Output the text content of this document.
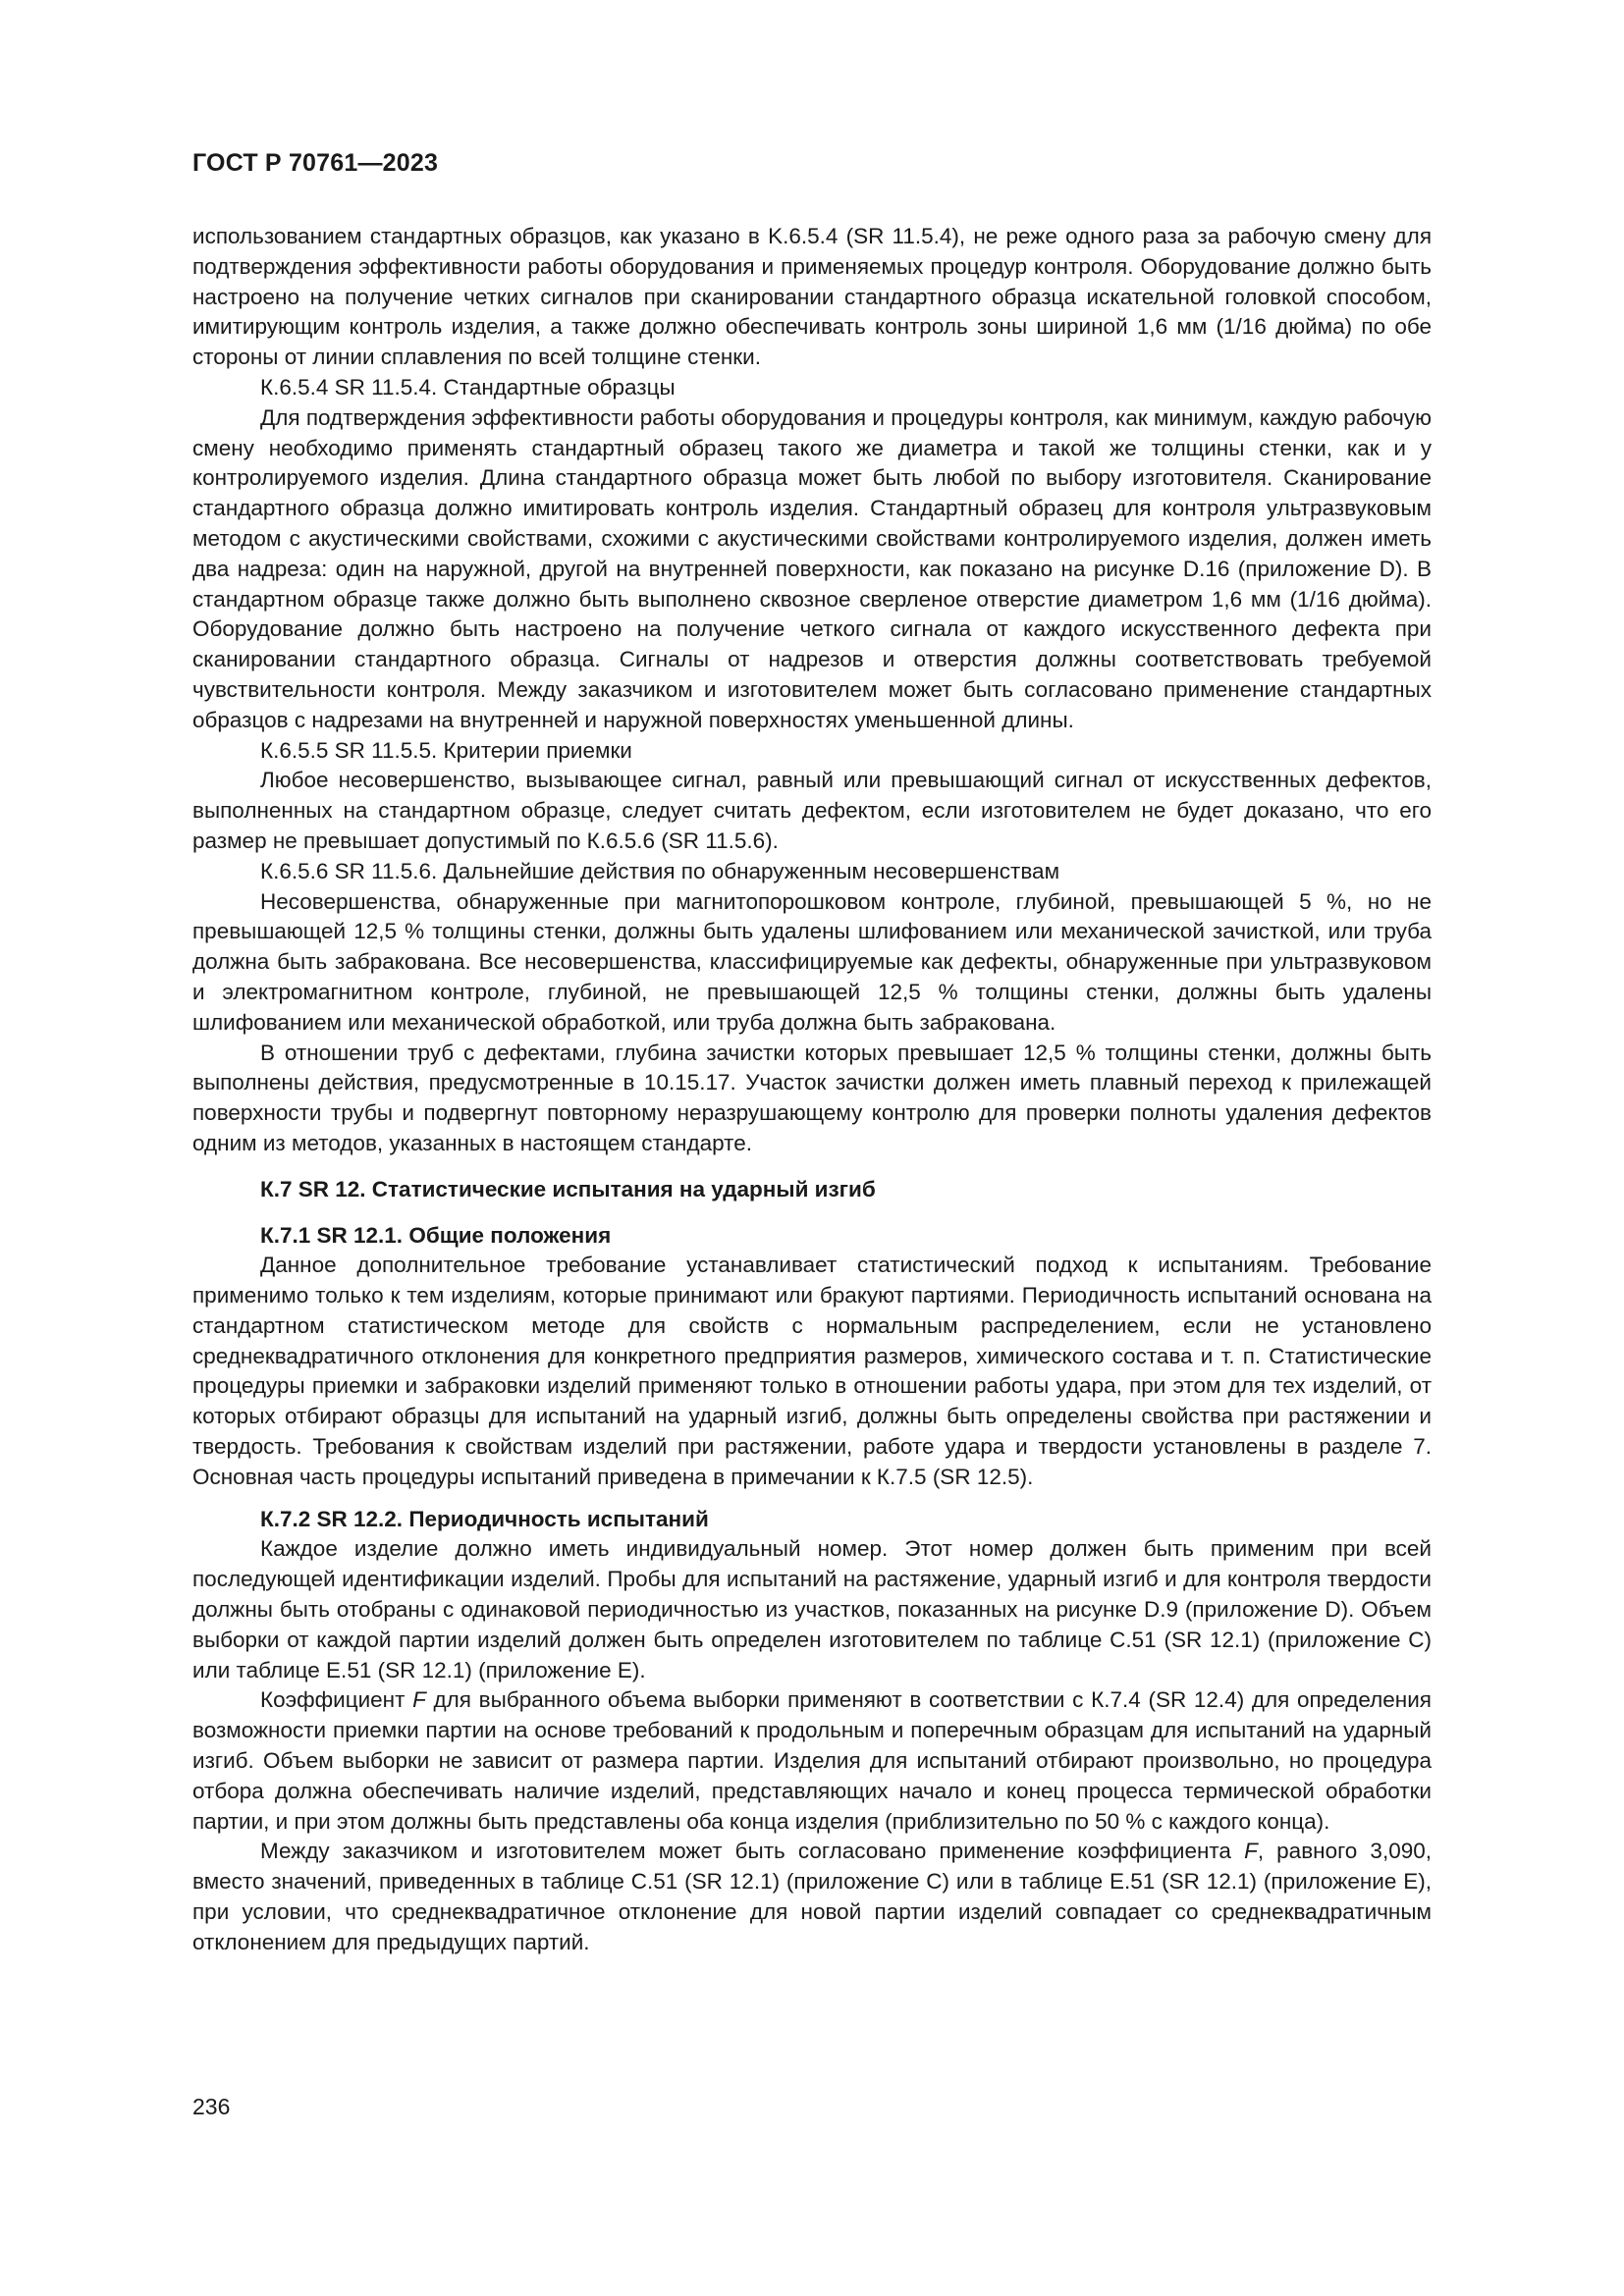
ГОСТ Р 70761—2023

использованием стандартных образцов, как указано в K.6.5.4 (SR 11.5.4), не реже одного раза за рабочую смену для подтверждения эффективности работы оборудования и применяемых процедур контроля. Оборудование должно быть настроено на получение четких сигналов при сканировании стандартного образца искательной головкой способом, имитирующим контроль изделия, а также должно обеспечивать контроль зоны шириной 1,6 мм (1/16 дюйма) по обе стороны от линии сплавления по всей толщине стенки.

К.6.5.4 SR 11.5.4. Стандартные образцы

Для подтверждения эффективности работы оборудования и процедуры контроля, как минимум, каждую рабочую смену необходимо применять стандартный образец такого же диаметра и такой же толщины стенки, как и у контролируемого изделия. Длина стандартного образца может быть любой по выбору изготовителя. Сканирование стандартного образца должно имитировать контроль изделия. Стандартный образец для контроля ультразвуковым методом с акустическими свойствами, схожими с акустическими свойствами контролируемого изделия, должен иметь два надреза: один на наружной, другой на внутренней поверхности, как показано на рисунке D.16 (приложение D). В стандартном образце также должно быть выполнено сквозное сверленое отверстие диаметром 1,6 мм (1/16 дюйма). Оборудование должно быть настроено на получение четкого сигнала от каждого искусственного дефекта при сканировании стандартного образца. Сигналы от надрезов и отверстия должны соответствовать требуемой чувствительности контроля. Между заказчиком и изготовителем может быть согласовано применение стандартных образцов с надрезами на внутренней и наружной поверхностях уменьшенной длины.

К.6.5.5 SR 11.5.5. Критерии приемки

Любое несовершенство, вызывающее сигнал, равный или превышающий сигнал от искусственных дефектов, выполненных на стандартном образце, следует считать дефектом, если изготовителем не будет доказано, что его размер не превышает допустимый по К.6.5.6 (SR 11.5.6).

К.6.5.6 SR 11.5.6. Дальнейшие действия по обнаруженным несовершенствам

Несовершенства, обнаруженные при магнитопорошковом контроле, глубиной, превышающей 5 %, но не превышающей 12,5 % толщины стенки, должны быть удалены шлифованием или механической зачисткой, или труба должна быть забракована. Все несовершенства, классифицируемые как дефекты, обнаруженные при ультразвуковом и электромагнитном контроле, глубиной, не превышающей 12,5 % толщины стенки, должны быть удалены шлифованием или механической обработкой, или труба должна быть забракована.

В отношении труб с дефектами, глубина зачистки которых превышает 12,5 % толщины стенки, должны быть выполнены действия, предусмотренные в 10.15.17. Участок зачистки должен иметь плавный переход к прилежащей поверхности трубы и подвергнут повторному неразрушающему контролю для проверки полноты удаления дефектов одним из методов, указанных в настоящем стандарте.

К.7 SR 12. Статистические испытания на ударный изгиб
К.7.1 SR 12.1. Общие положения

Данное дополнительное требование устанавливает статистический подход к испытаниям. Требование применимо только к тем изделиям, которые принимают или бракуют партиями. Периодичность испытаний основана на стандартном статистическом методе для свойств с нормальным распределением, если не установлено среднеквадратичного отклонения для конкретного предприятия размеров, химического состава и т. п. Статистические процедуры приемки и забраковки изделий применяют только в отношении работы удара, при этом для тех изделий, от которых отбирают образцы для испытаний на ударный изгиб, должны быть определены свойства при растяжении и твердость. Требования к свойствам изделий при растяжении, работе удара и твердости установлены в разделе 7. Основная часть процедуры испытаний приведена в примечании к К.7.5 (SR 12.5).

К.7.2 SR 12.2. Периодичность испытаний

Каждое изделие должно иметь индивидуальный номер. Этот номер должен быть применим при всей последующей идентификации изделий. Пробы для испытаний на растяжение, ударный изгиб и для контроля твердости должны быть отобраны с одинаковой периодичностью из участков, показанных на рисунке D.9 (приложение D). Объем выборки от каждой партии изделий должен быть определен изготовителем по таблице C.51 (SR 12.1) (приложение C) или таблице E.51 (SR 12.1) (приложение E).

Коэффициент F для выбранного объема выборки применяют в соответствии с К.7.4 (SR 12.4) для определения возможности приемки партии на основе требований к продольным и поперечным образцам для испытаний на ударный изгиб. Объем выборки не зависит от размера партии. Изделия для испытаний отбирают произвольно, но процедура отбора должна обеспечивать наличие изделий, представляющих начало и конец процесса термической обработки партии, и при этом должны быть представлены оба конца изделия (приблизительно по 50 % с каждого конца).

Между заказчиком и изготовителем может быть согласовано применение коэффициента F, равного 3,090, вместо значений, приведенных в таблице C.51 (SR 12.1) (приложение C) или в таблице E.51 (SR 12.1) (приложение E), при условии, что среднеквадратичное отклонение для новой партии изделий совпадает со среднеквадратичным отклонением для предыдущих партий.

236
